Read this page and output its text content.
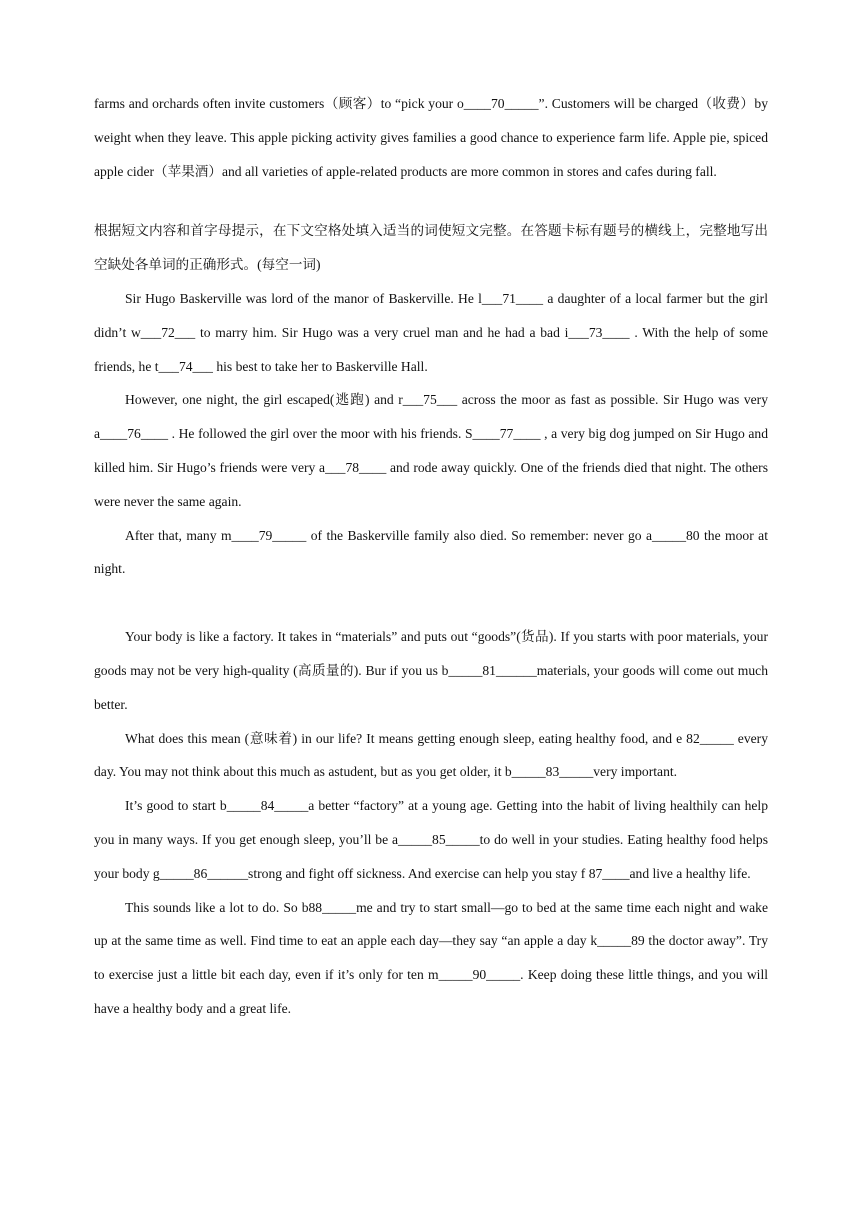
farms and orchards often invite customers（顾客）to “pick your o____70_____”. Customers will be charged（收费）by weight when they leave. This apple picking activity gives families a good chance to experience farm life. Apple pie, spiced apple cider（苹果酒）and all varieties of apple-related products are more common in stores and cafes during fall.

根据短文内容和首字母提示，在下文空格处填入适当的词使短文完整。在答题卡标有题号的横线上，完整地写出空缺处各单词的正确形式。(每空一词)

Sir Hugo Baskerville was lord of the manor of Baskerville. He l___71____ a daughter of a local farmer but the girl didn’t w___72___ to marry him. Sir Hugo was a very cruel man and he had a bad i___73____ . With the help of some friends, he t___74___ his best to take her to Baskerville Hall.

However, one night, the girl escaped(逃跑) and r___75___ across the moor as fast as possible. Sir Hugo was very a____76____ . He followed the girl over the moor with his friends. S____77____ , a very big dog jumped on Sir Hugo and killed him. Sir Hugo’s friends were very a___78____ and rode away quickly. One of the friends died that night. The others were never the same again.

After that, many m____79_____ of the Baskerville family also died. So remember: never go a_____80 the moor at night.

Your body is like a factory. It takes in “materials” and puts out “goods”(货品). If you starts with poor materials, your goods may not be very high-quality (高质量的). Bur if you us b_____81______materials, your goods will come out much better.

What does this mean (意味着) in our life? It means getting enough sleep, eating healthy food, and e 82_____ every day. You may not think about this much as astudent, but as you get older, it b_____83_____very important.

It’s good to start b_____84_____a better “factory” at a young age. Getting into the habit of living healthily can help you in many ways. If you get enough sleep, you’ll be a_____85_____to do well in your studies. Eating healthy food helps your body g_____86______strong and fight off sickness. And exercise can help you stay f 87____and live a healthy life.

This sounds like a lot to do. So b88_____me and try to start small—go to bed at the same time each night and wake up at the same time as well. Find time to eat an apple each day—they say “an apple a day k_____89 the doctor away”. Try to exercise just a little bit each day, even if it’s only for ten m_____90_____. Keep doing these little things, and you will have a healthy body and a great life.
